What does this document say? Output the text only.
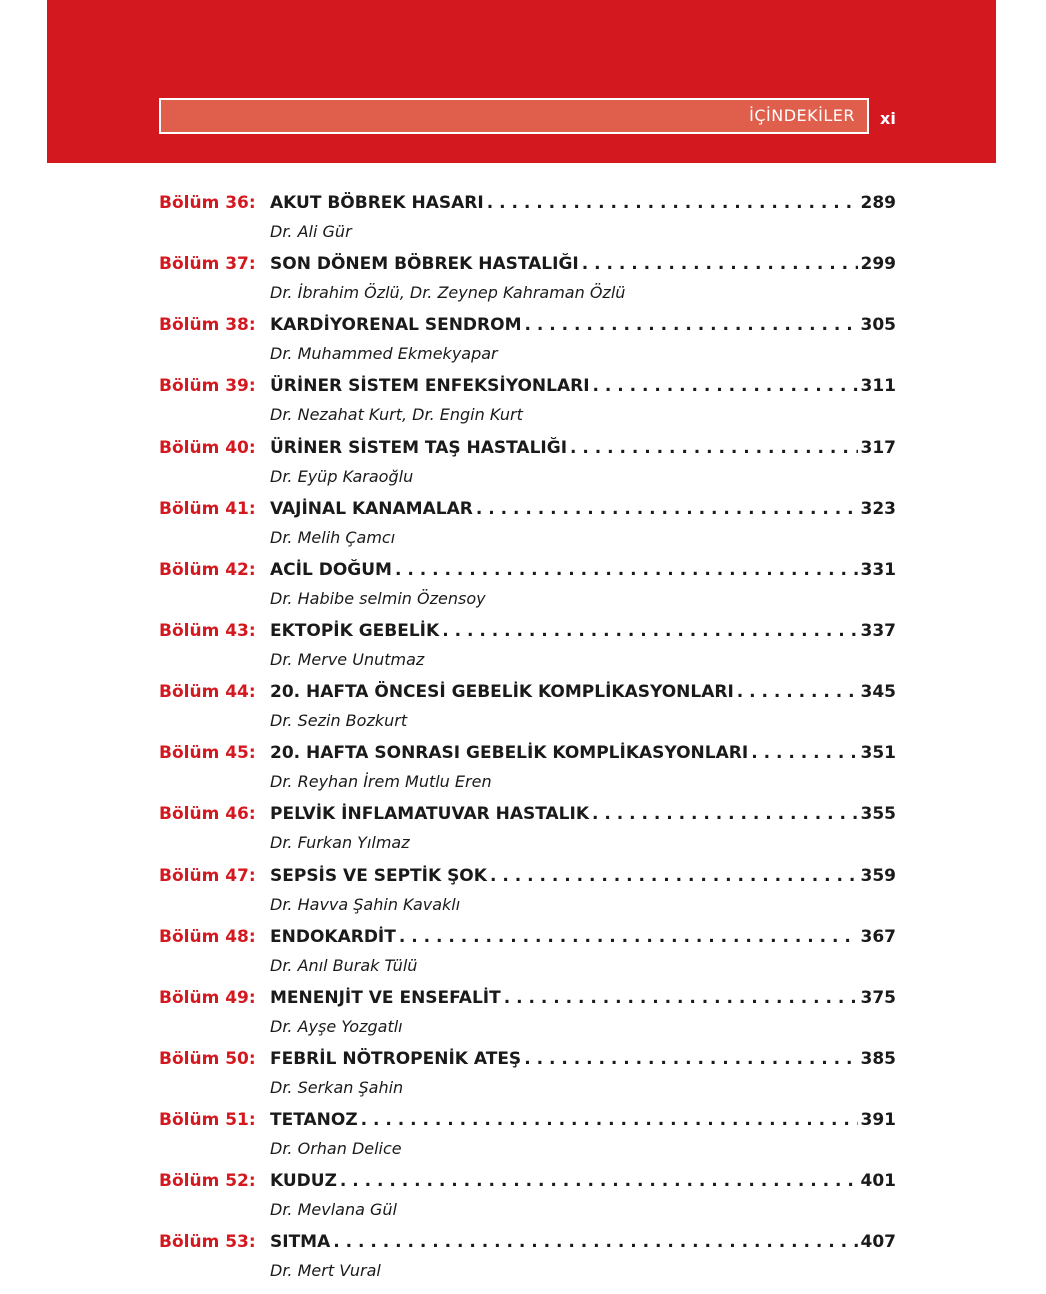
İÇİNDEKİLER xi
Bölüm 36: AKUT BÖBREK HASARI . . .	289
Dr. Ali Gür
Bölüm 37: SON DÖNEM BÖBREK HASTALIĞI . . .	299
Dr. İbrahim Özlü, Dr. Zeynep Kahraman Özlü
Bölüm 38: KARDİYORENAL SENDROM . . .	305
Dr. Muhammed Ekmekyapar
Bölüm 39: ÜRİNER SİSTEM ENFEKSİYONLARI . . .	311
Dr. Nezahat Kurt, Dr. Engin Kurt
Bölüm 40: ÜRİNER SİSTEM TAŞ HASTALIĞI . . .	317
Dr. Eyüp Karaoğlu
Bölüm 41: VAJİNAL KANAMALAR . . .	323
Dr. Melih Çamcı
Bölüm 42: ACİL DOĞUM . . .	331
Dr. Habibe selmin Özensoy
Bölüm 43: EKTOPİK GEBELİK . . .	337
Dr. Merve Unutmaz
Bölüm 44: 20. HAFTA ÖNCESİ GEBELİK KOMPLİKASYONLARI . . .	345
Dr. Sezin Bozkurt
Bölüm 45: 20. HAFTA SONRASI GEBELİK KOMPLİKASYONLARI . . .	351
Dr. Reyhan İrem Mutlu Eren
Bölüm 46: PELVİK İNFLAMATUVAR HASTALIK . . .	355
Dr. Furkan Yılmaz
Bölüm 47: SEPSİS VE SEPTİK ŞOK . . .	359
Dr. Havva Şahin Kavaklı
Bölüm 48: ENDOKARDİT . . .	367
Dr. Anıl Burak Tülü
Bölüm 49: MENENJİT VE ENSEFALİT . . .	375
Dr. Ayşe Yozgatlı
Bölüm 50: FEBRİL NÖTROPENİK ATEŞ . . .	385
Dr. Serkan Şahin
Bölüm 51: TETANOZ . . .	391
Dr. Orhan Delice
Bölüm 52: KUDUZ . . .	401
Dr. Mevlana Gül
Bölüm 53: SITMA . . .	407
Dr. Mert Vural
